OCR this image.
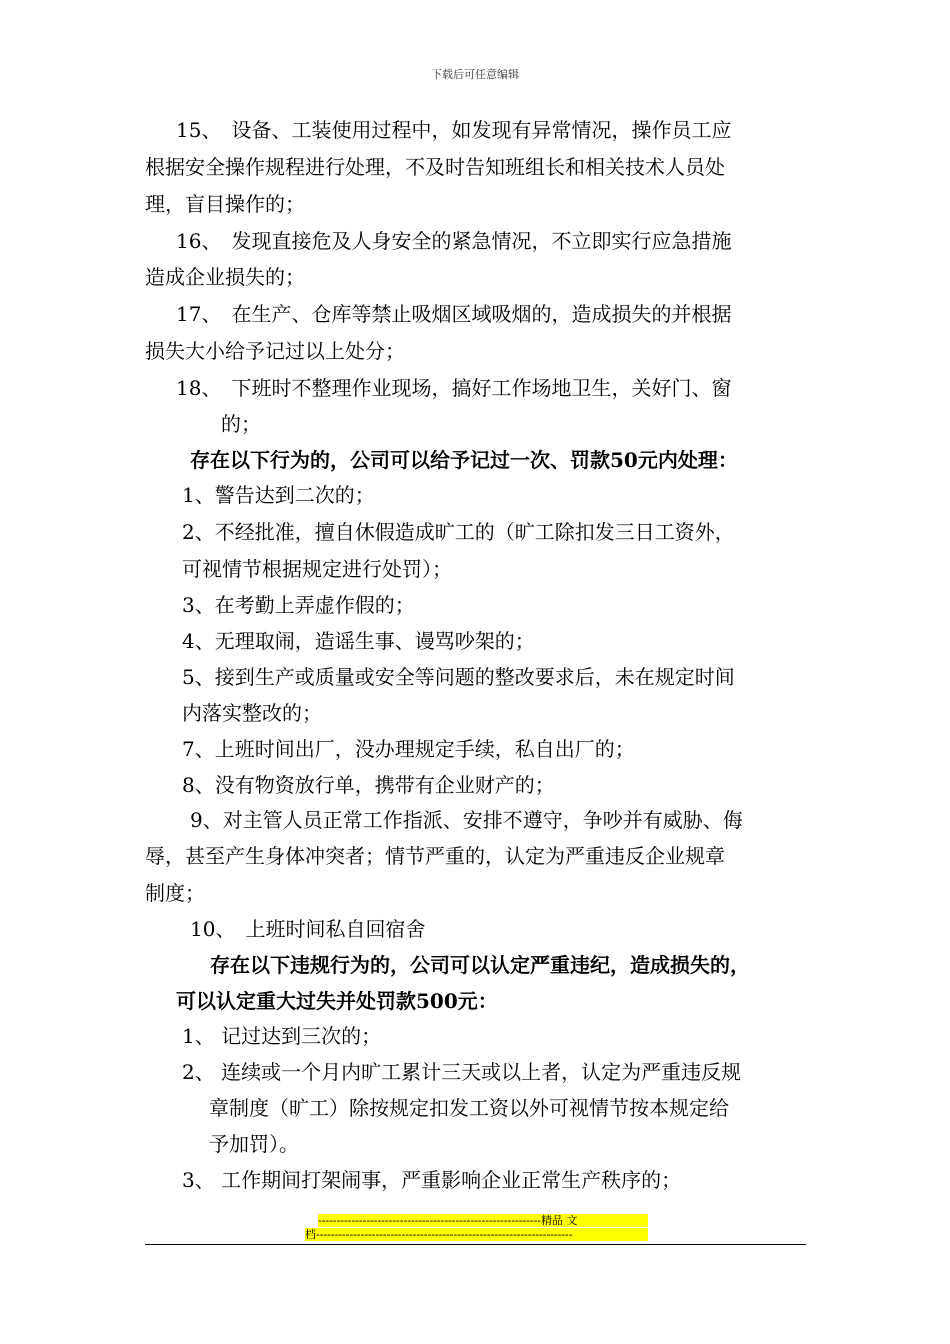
下载后可任意编辑
15、　设备、工装使用过程中，如发现有异常情况，操作员工应
根据安全操作规程进行处理，不及时告知班组长和相关技术人员处
理，盲目操作的；
16、　发现直接危及人身安全的紧急情况，不立即实行应急措施
造成企业损失的；
17、　在生产、仓库等禁止吸烟区域吸烟的，造成损失的并根据
损失大小给予记过以上处分；
18、　下班时不整理作业现场，搞好工作场地卫生，关好门、窗
的；
存在以下行为的，公司可以给予记过一次、罚款50元内处理：
1、警告达到二次的；
2、不经批准，擅自休假造成旷工的（旷工除扣发三日工资外，
可视情节根据规定进行处罚）；
3、在考勤上弄虚作假的；
4、无理取闹，造谣生事、谩骂吵架的；
5、接到生产或质量或安全等问题的整改要求后，未在规定时间
内落实整改的；
7、上班时间出厂，没办理规定手续，私自出厂的；
8、没有物资放行单，携带有企业财产的；
9、对主管人员正常工作指派、安排不遵守，争吵并有威胁、侮
辱，甚至产生身体冲突者；情节严重的，认定为严重违反企业规章
制度；
10、　上班时间私自回宿舍
存在以下违规行为的，公司可以认定严重违纪，造成损失的，
可以认定重大过失并处罚款500元：
1、 记过达到三次的；
2、 连续或一个月内旷工累计三天或以上者，认定为严重违反规
章制度（旷工）除按规定扣发工资以外可视情节按本规定给
予加罚）。
3、 工作期间打架闹事，严重影响企业正常生产秩序的；
------------------------------------------------------------精品 文
档---------------------------------------------------------------------
